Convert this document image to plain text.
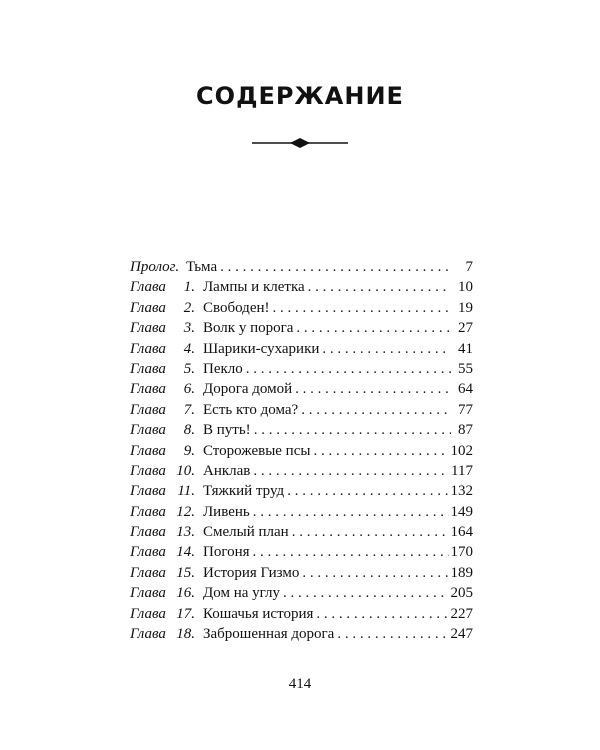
СОДЕРЖАНИЕ
Пролог. Тьма . . .	7
Глава	1. Лампы и клетка . . .	10
Глава	2. Свободен! . . .	19
Глава	3. Волк у порога . . .	27
Глава	4. Шарики-сухарики . . .	41
Глава	5. Пекло . . .	55
Глава	6. Дорога домой . . .	64
Глава	7. Есть кто дома? . . .	77
Глава	8. В путь! . . .	87
Глава	9. Сторожевые псы . . .	102
Глава 10. Анклав . . .	117
Глава 11. Тяжкий труд . . .	132
Глава 12. Ливень . . .	149
Глава 13. Смелый план . . .	164
Глава 14. Погоня . . .	170
Глава 15. История Гизмо . . .	189
Глава 16. Дом на углу . . .	205
Глава 17. Кошачья история . . .	227
Глава 18. Заброшенная дорога . . .	247
414
